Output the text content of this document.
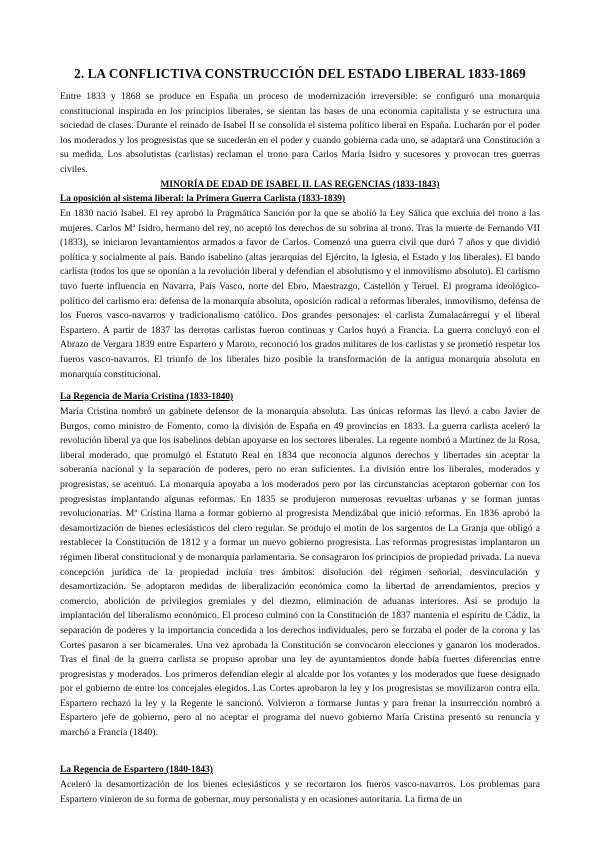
2. LA CONFLICTIVA CONSTRUCCIÓN DEL ESTADO LIBERAL 1833-1869

Entre 1833 y 1868 se produce en España un proceso de modernización irreversible: se configuró una monarquía constitucional inspirada en los principios liberales, se sientan las bases de una economía capitalista y se estructura una sociedad de clases. Durante el reinado de Isabel II se consolida el sistema político liberal en España. Lucharán por el poder los moderados y los progresistas que se sucederán en el poder y cuando gobierna cada uno, se adaptará una Constitución a su medida. Los absolutistas (carlistas) reclaman el trono para Carlos María Isidro y sucesores y provocan tres guerras civiles.

MINORÍA DE EDAD DE ISABEL II. LAS REGENCIAS (1833-1843)
La oposición al sistema liberal: la Primera Guerra Carlista (1833-1839)

En 1830 nació Isabel. El rey aprobó la Pragmática Sanción por la que se abolió la Ley Sálica que excluía del trono a las mujeres. Carlos Mª Isidro, hermano del rey, no aceptó los derechos de su sobrina al trono. Tras la muerte de Fernando VII (1833), se iniciaron levantamientos armados a favor de Carlos. Comenzó una guerra civil que duró 7 años y que dividió política y socialmente al país. Bando isabelino (altas jerarquías del Ejército, la Iglesia, el Estado y los liberales). El bando carlista (todos los que se oponían a la revolución liberal y defendían el absolutismo y el inmovilismo absoluto). El carlismo tuvo fuerte influencia en Navarra, País Vasco, norte del Ebro, Maestrazgo, Castellón y Teruel. El programa ideológico-político del carlismo era: defensa de la monarquía absoluta, oposición radical a reformas liberales, inmovilismo, defensa de los Fueros vasco-navarros y tradicionalismo católico. Dos grandes personajes: el carlista Zumalacárregui y el liberal Espartero. A partir de 1837 las derrotas carlistas fueron continuas y Carlos huyó a Francia. La guerra concluyó con el Abrazo de Vergara 1839 entre Espartero y Maroto, reconoció los grados militares de los carlistas y se prometió respetar los fueros vasco-navarros. El triunfo de los liberales hizo posible la transformación de la antigua monarquía absoluta en monarquía constitucional.

La Regencia de María Cristina (1833-1840)

María Cristina nombró un gabinete defensor de la monarquía absoluta. Las únicas reformas las llevó a cabo Javier de Burgos, como ministro de Fomento, como la división de España en 49 provincias en 1833. La guerra carlista aceleró la revolución liberal ya que los isabelinos debían apoyarse en los sectores liberales. La regente nombró a Martínez de la Rosa, liberal moderado, que promulgó el Estatuto Real en 1834 que reconocía algunos derechos y libertades sin aceptar la soberanía nacional y la separación de poderes, pero no eran suficientes. La división entre los liberales, moderados y progresistas, se acentuó. La monarquía apoyaba a los moderados pero por las circunstancias aceptaron gobernar con los progresistas implantando algunas reformas. En 1835 se produjeron numerosas revueltas urbanas y se forman juntas revolucionarias. Mª Cristina llama a formar gobierno al progresista Mendizábal que inició reformas. En 1836 aprobó la desamortización de bienes eclesiásticos del clero regular. Se produjo el motín de los sargentos de La Granja que obligó a restablecer la Constitución de 1812 y a formar un nuevo gobierno progresista. Las reformas progresistas implantaron un régimen liberal constitucional y de monarquía parlamentaria. Se consagraron los principios de propiedad privada. La nueva concepción jurídica de la propiedad incluía tres ámbitos: disolución del régimen señorial, desvinculación y desamortización. Se adoptaron medidas de liberalización económica como la libertad de arrendamientos, precios y comercio, abolición de privilegios gremiales y del diezmo, eliminación de aduanas interiores. Así se produjo la implantación del liberalismo económico. El proceso culminó con la Constitución de 1837 mantenía el espíritu de Cádiz, la separación de poderes y la importancia concedida a los derechos individuales, pero se forzaba el poder de la corona y las Cortes pasaron a ser bicamerales. Una vez aprobada la Constitución se convocaron elecciones y ganaron los moderados. Tras el final de la guerra carlista se propuso aprobar una ley de ayuntamientos donde había fuertes diferencias entre progresistas y moderados. Los primeros defendían elegir al alcalde por los votantes y los moderados que fuese designado por el gobierno de entre los concejales elegidos. Las Cortes aprobaron la ley y los progresistas se movilizaron contra ella. Espartero rechazó la ley y la Regente le sancionó. Volvieron a formarse Juntas y para frenar la insurrección nombró a Espartero jefe de gobierno, pero al no aceptar el programa del nuevo gobierno María Cristina presentó su renuncia y marchó a Francia (1840).

La Regencia de Espartero (1840-1843)

Aceleró la desamortización de los bienes eclesiásticos y se recortaron los fueros vasco-navarros. Los problemas para Espartero vinieron de su forma de gobernar, muy personalista y en ocasiones autoritaria. La firma de un
